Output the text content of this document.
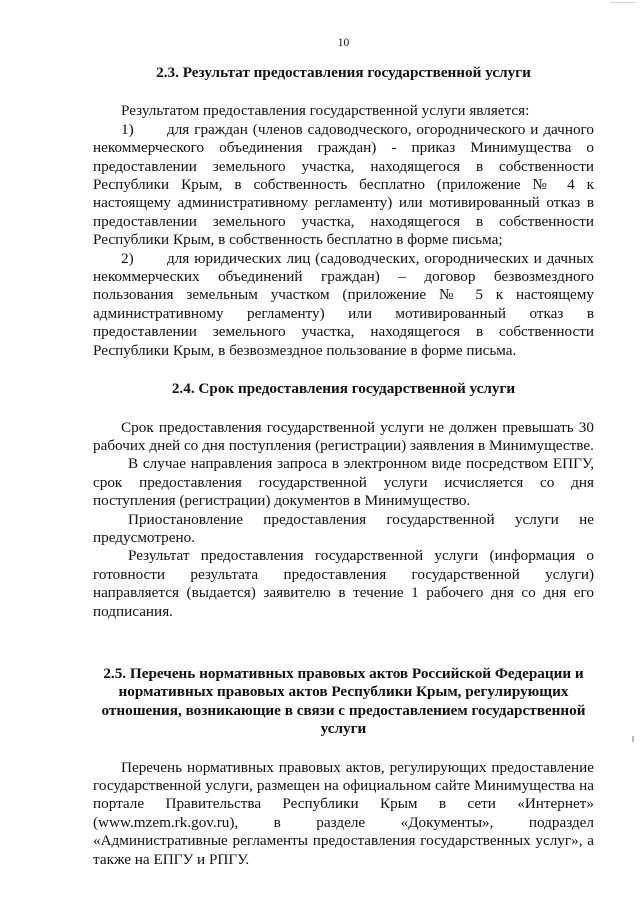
10
2.3. Результат предоставления государственной услуги

Результатом предоставления государственной услуги является:

1) для граждан (членов садоводческого, огороднического и дачного некоммерческого объединения граждан) - приказ Минимущества о предоставлении земельного участка, находящегося в собственности Республики Крым, в собственность бесплатно (приложение № 4 к настоящему административному регламенту) или мотивированный отказ в предоставлении земельного участка, находящегося в собственности Республики Крым, в собственность бесплатно в форме письма;

2) для юридических лиц (садоводческих, огороднических и дачных некоммерческих объединений граждан) – договор безвозмездного пользования земельным участком (приложение № 5 к настоящему административному регламенту) или мотивированный отказ в предоставлении земельного участка, находящегося в собственности Республики Крым, в безвозмездное пользование в форме письма.

2.4. Срок предоставления государственной услуги

Срок предоставления государственной услуги не должен превышать 30 рабочих дней со дня поступления (регистрации) заявления в Минимуществе.

В случае направления запроса в электронном виде посредством ЕПГУ, срок предоставления государственной услуги исчисляется со дня поступления (регистрации) документов в Минимущество.

Приостановление предоставления государственной услуги не предусмотрено.

Результат предоставления государственной услуги (информация о готовности результата предоставления государственной услуги) направляется (выдается) заявителю в течение 1 рабочего дня со дня его подписания.

2.5. Перечень нормативных правовых актов Российской Федерации и нормативных правовых актов Республики Крым, регулирующих отношения, возникающие в связи с предоставлением государственной услуги

Перечень нормативных правовых актов, регулирующих предоставление государственной услуги, размещен на официальном сайте Минимущества на портале Правительства Республики Крым в сети «Интернет» (www.mzem.rk.gov.ru), в разделе «Документы», подраздел «Административные регламенты предоставления государственных услуг», а также на ЕПГУ и РПГУ.
